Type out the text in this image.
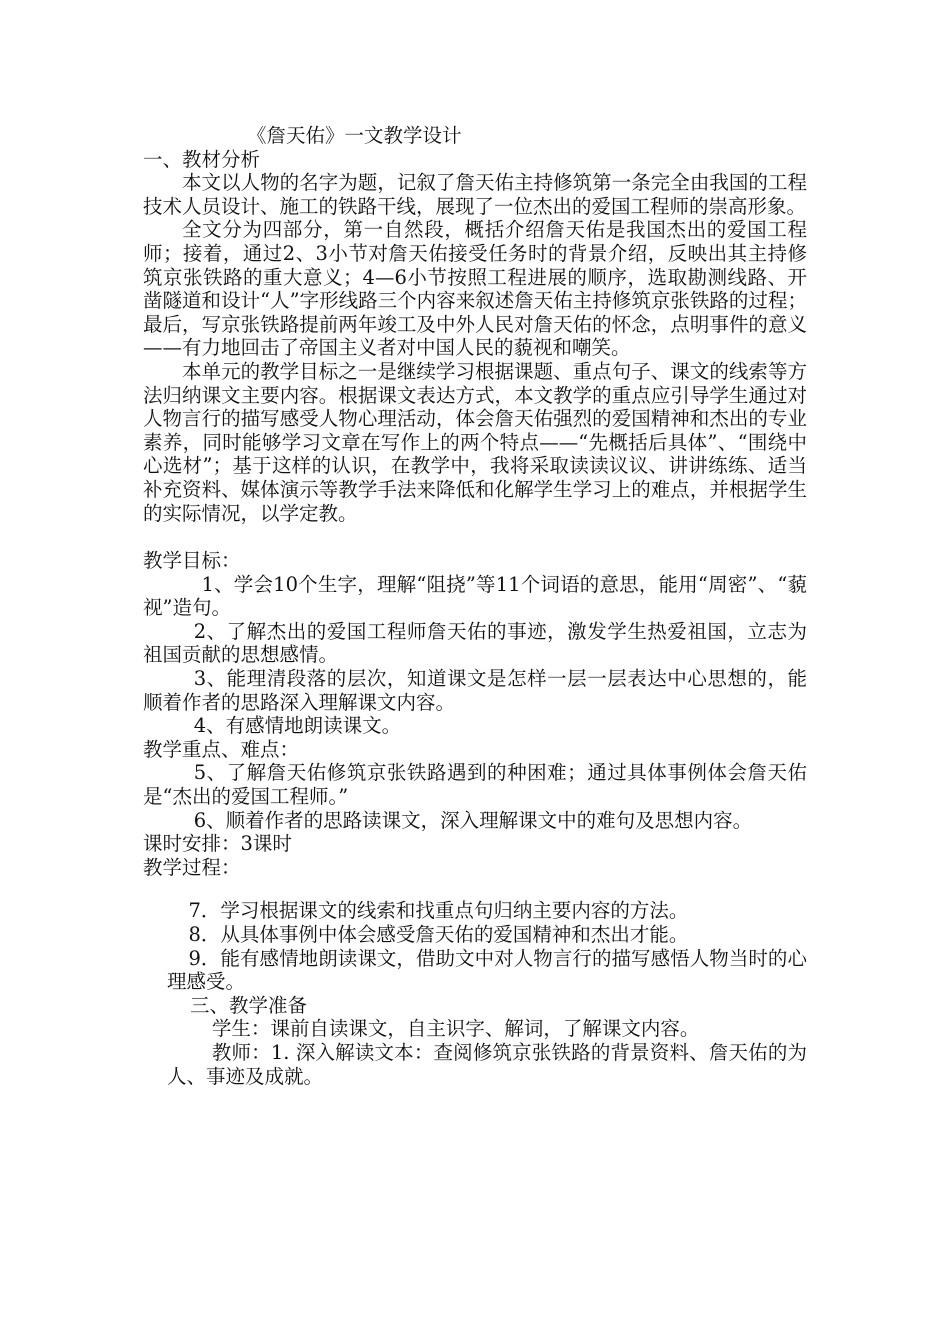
《詹天佑》一文教学设计

一、教材分析

本文以人物的名字为题，记叙了詹天佑主持修筑第一条完全由我国的工程技术人员设计、施工的铁路干线，展现了一位杰出的爱国工程师的崇高形象。

全文分为四部分，第一自然段，概括介绍詹天佑是我国杰出的爱国工程师；接着，通过2、3小节对詹天佑接受任务时的背景介绍，反映出其主持修筑京张铁路的重大意义；4—6小节按照工程进展的顺序，选取勘测线路、开凿隧道和设计“人”字形线路三个内容来叙述詹天佑主持修筑京张铁路的过程；最后，写京张铁路提前两年竣工及中外人民对詹天佑的怀念，点明事件的意义——有力地回击了帝国主义者对中国人民的藐视和嘲笑。

本单元的教学目标之一是继续学习根据课题、重点句子、课文的线索等方法归纳课文主要内容。根据课文表达方式，本文教学的重点应引导学生通过对人物言行的描写感受人物心理活动，体会詹天佑强烈的爱国精神和杰出的专业素养，同时能够学习文章在写作上的两个特点——“先概括后具体”、“围绕中心选材”；基于这样的认识，在教学中，我将采取读读议议、讲讲练练、适当补充资料、媒体演示等教学手法来降低和化解学生学习上的难点，并根据学生的实际情况，以学定教。

教学目标：

1、学会10个生字，理解“阻挠”等11个词语的意思，能用“周密”、“藐视”造句。

2、了解杰出的爱国工程师詹天佑的事迹，激发学生热爱祖国，立志为祖国贡献的思想感情。

3、能理清段落的层次，知道课文是怎样一层一层表达中心思想的，能顺着作者的思路深入理解课文内容。

4、有感情地朗读课文。

教学重点、难点：

5、了解詹天佑修筑京张铁路遇到的种困难；通过具体事例体会詹天佑是“杰出的爱国工程师。”

6、顺着作者的思路读课文，深入理解课文中的难句及思想内容。

课时安排：3课时

教学过程：

7．学习根据课文的线索和找重点句归纳主要内容的方法。

8．从具体事例中体会感受詹天佑的爱国精神和杰出才能。

9．能有感情地朗读课文，借助文中对人物言行的描写感悟人物当时的心理感受。

三、教学准备

学生：课前自读课文，自主识字、解词，了解课文内容。

教师：1. 深入解读文本：查阅修筑京张铁路的背景资料、詹天佑的为人、事迹及成就。
